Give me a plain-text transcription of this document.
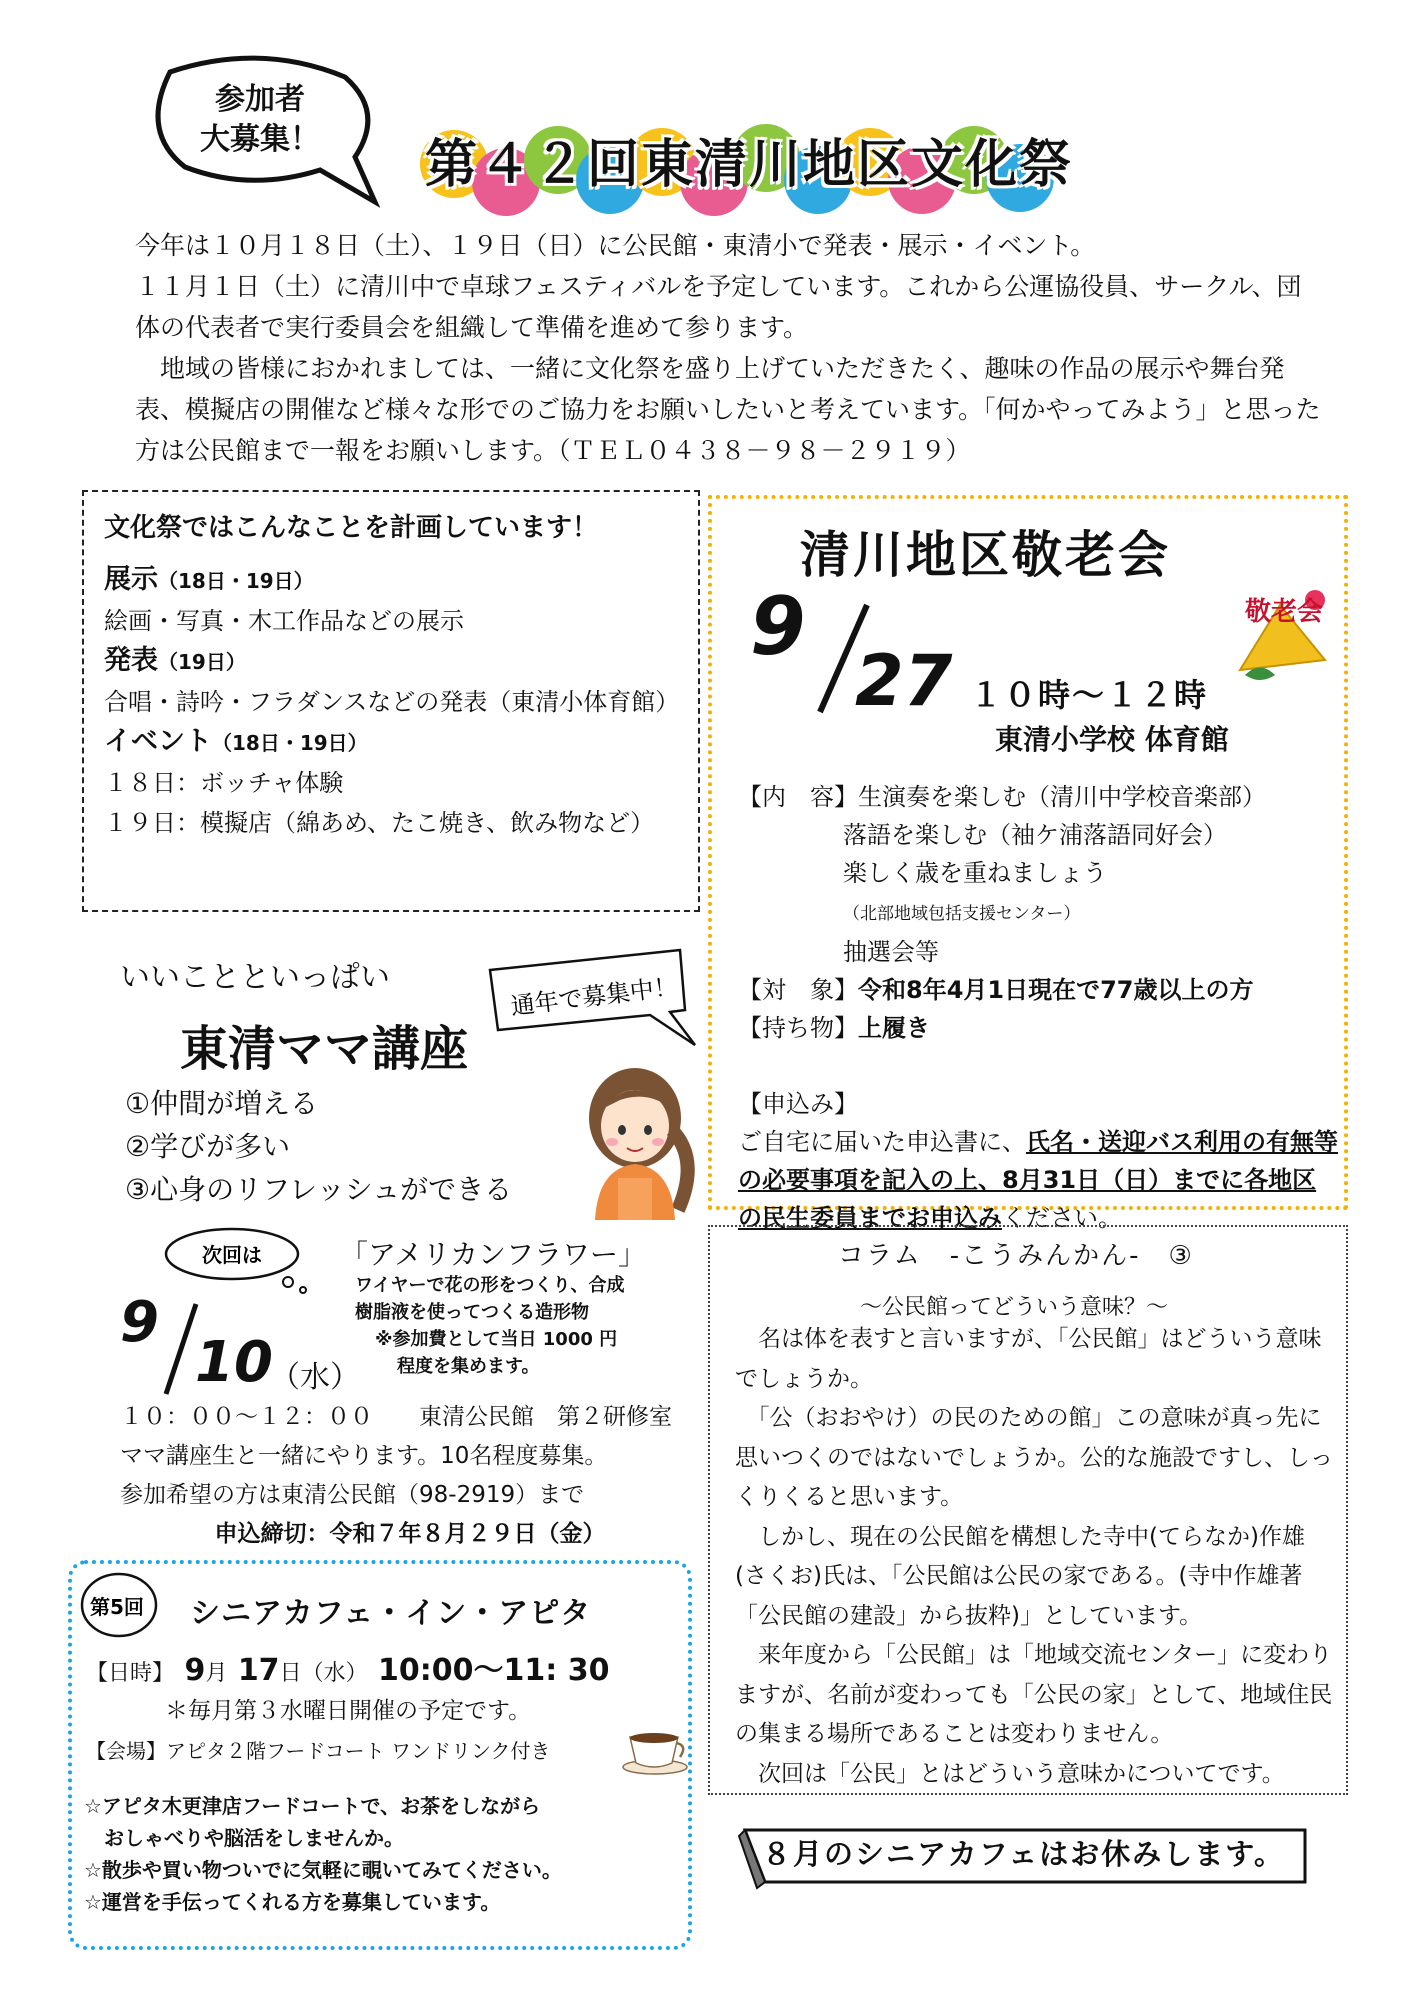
参加者
大募集！	第４２回東清川地区文化祭

今年は１０月１８日（土）、１９日（日）に公民館・東清小で発表・展示・イベント。

１１月１日（土）に清川中で卓球フェスティバルを予定しています。これから公運協役員、サークル、団体の代表者で実行委員会を組織して準備を進めて参ります。

　地域の皆様におかれましては、一緒に文化祭を盛り上げていただきたく、趣味の作品の展示や舞台発表、模擬店の開催など様々な形でのご協力をお願いしたいと考えています。「何かやってみよう」と思った方は公民館まで一報をお願いします。（ＴＥＬ０４３８－９８－２９１９）

文化祭ではこんなことを計画しています！
展示（18日・19日）
絵画・写真・木工作品などの展示
発表（19日）
合唱・詩吟・フラダンスなどの発表（東清小体育館）
イベント（18日・19日）
１８日：ボッチャ体験
１９日：模擬店（綿あめ、たこ焼き、飲み物など）
清川地区敬老会
9
27 １０時～１２時
東清小学校 体育館
敬老会
【内　容】生演奏を楽しむ（清川中学校音楽部）
落語を楽しむ（袖ケ浦落語同好会）
楽しく歳を重ねましょう（北部地域包括支援センター）
抽選会等
【対　象】令和8年4月1日現在で77歳以上の方
【持ち物】上履き
【申込み】
ご自宅に届いた申込書に、氏名・送迎バス利用の有無等の必要事項を記入の上、8月31日（日）までに各地区の民生委員までお申込みください。
いいことといっぱい	通年で募集中！
東清ママ講座
①仲間が増える
②学びが多い
③心身のリフレッシュができる
次回は	「アメリカンフラワー」
ワイヤーで花の形をつくり、合成
樹脂液を使ってつくる造形物
※参加費として当日 1000 円
程度を集めます。
9
10
（水）
１０：００～１２：００　　東清公民館　第２研修室
ママ講座生と一緒にやります。10名程度募集。
参加希望の方は東清公民館（98-2919）まで
申込締切：令和７年８月２９日（金）
第5回 シニアカフェ・イン・アピタ
【日時】 9月 17日（水） 10:00～11: 30
＊毎月第３水曜日開催の予定です。
【会場】アピタ２階フードコート ワンドリンク付き
☆アピタ木更津店フードコートで、お茶をしながら
　おしゃべりや脳活をしませんか。
☆散歩や買い物ついでに気軽に覗いてみてください。
☆運営を手伝ってくれる方を募集しています。
コラム　-こうみんかん-　③
～公民館ってどういう意味？～

　名は体を表すと言いますが、「公民館」はどういう意味でしょうか。

　「公（おおやけ）の民のための館」この意味が真っ先に思いつくのではないでしょうか。公的な施設ですし、しっくりくると思います。

　しかし、現在の公民館を構想した寺中(てらなか)作雄(さくお)氏は、「公民館は公民の家である。(寺中作雄著「公民館の建設」から抜粋)」としています。

　来年度から「公民館」は「地域交流センター」に変わりますが、名前が変わっても「公民の家」として、地域住民の集まる場所であることは変わりません。

　次回は「公民」とはどういう意味かについてです。

８月のシニアカフェはお休みします。
